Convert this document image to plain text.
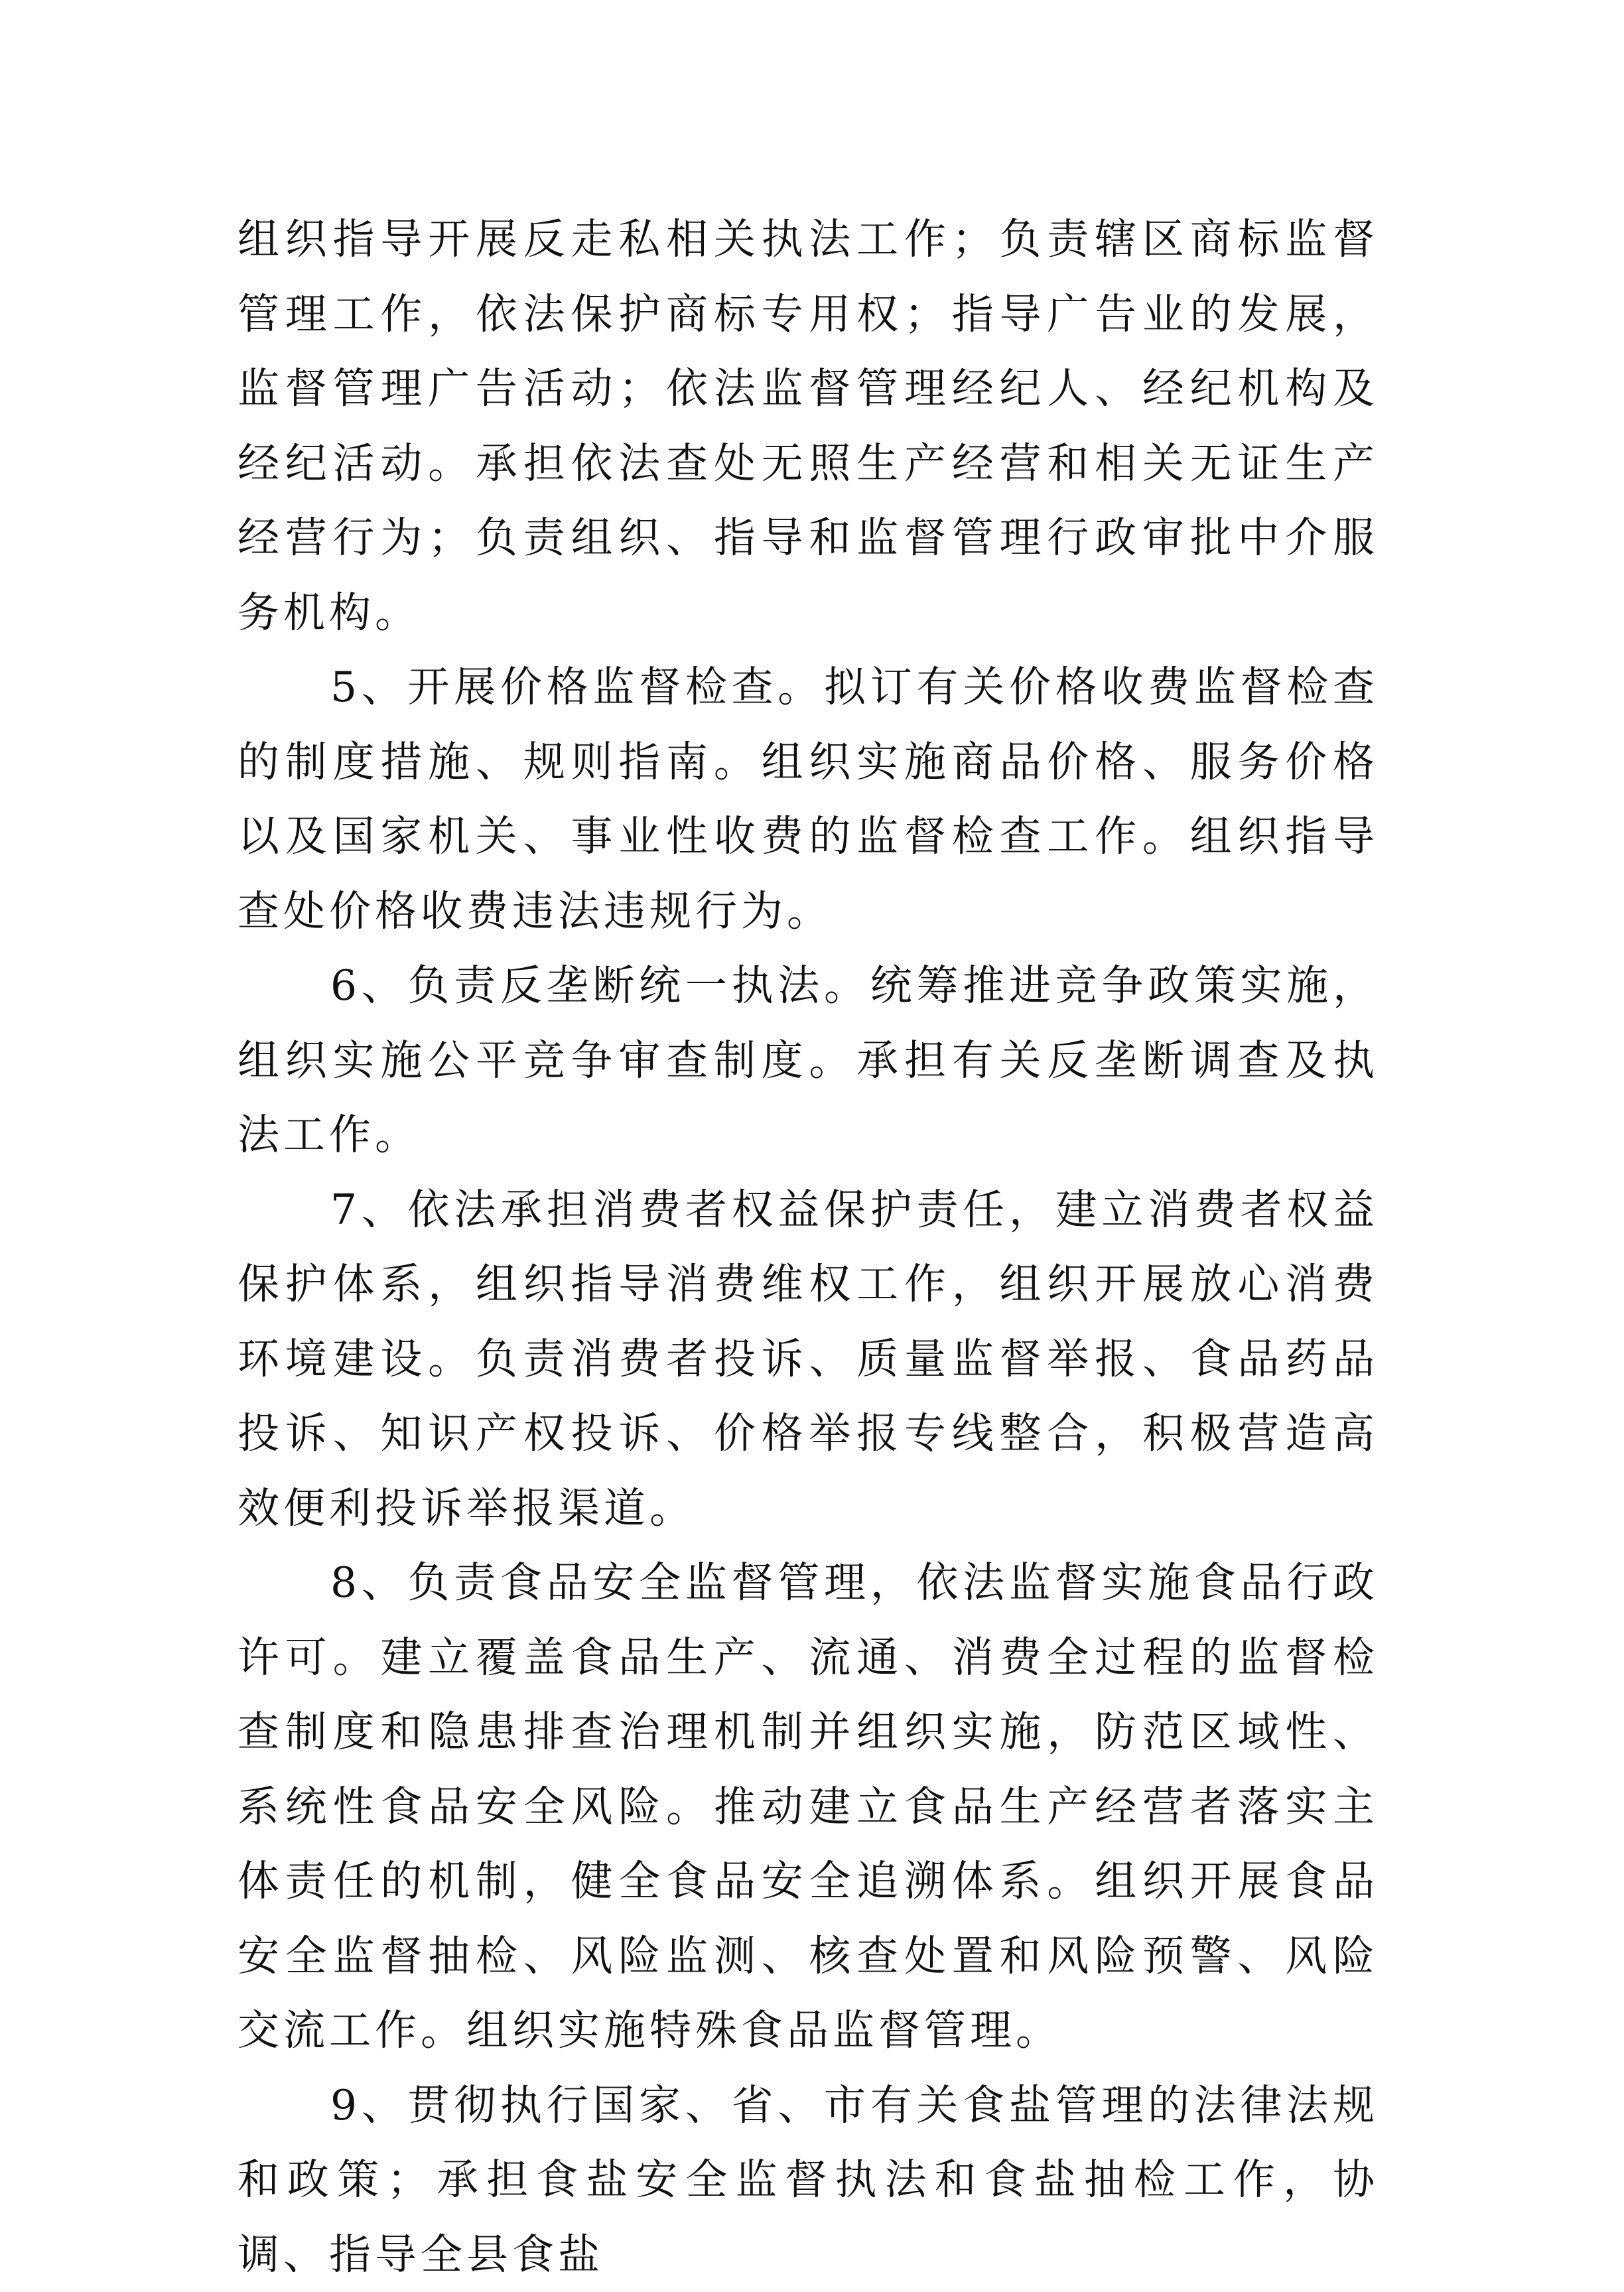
组织指导开展反走私相关执法工作；负责辖区商标监督管理工作，依法保护商标专用权；指导广告业的发展，监督管理广告活动；依法监督管理经纪人、经纪机构及经纪活动。承担依法查处无照生产经营和相关无证生产经营行为；负责组织、指导和监督管理行政审批中介服务机构。

5、开展价格监督检查。拟订有关价格收费监督检查的制度措施、规则指南。组织实施商品价格、服务价格以及国家机关、事业性收费的监督检查工作。组织指导查处价格收费违法违规行为。

6、负责反垄断统一执法。统筹推进竞争政策实施，组织实施公平竞争审查制度。承担有关反垄断调查及执法工作。

7、依法承担消费者权益保护责任，建立消费者权益保护体系，组织指导消费维权工作，组织开展放心消费环境建设。负责消费者投诉、质量监督举报、食品药品投诉、知识产权投诉、价格举报专线整合，积极营造高效便利投诉举报渠道。

8、负责食品安全监督管理，依法监督实施食品行政许可。建立覆盖食品生产、流通、消费全过程的监督检查制度和隐患排查治理机制并组织实施，防范区域性、系统性食品安全风险。推动建立食品生产经营者落实主体责任的机制，健全食品安全追溯体系。组织开展食品安全监督抽检、风险监测、核查处置和风险预警、风险交流工作。组织实施特殊食品监督管理。

9、贯彻执行国家、省、市有关食盐管理的法律法规和政策；承担食盐安全监督执法和食盐抽检工作，协调、指导全县食盐
